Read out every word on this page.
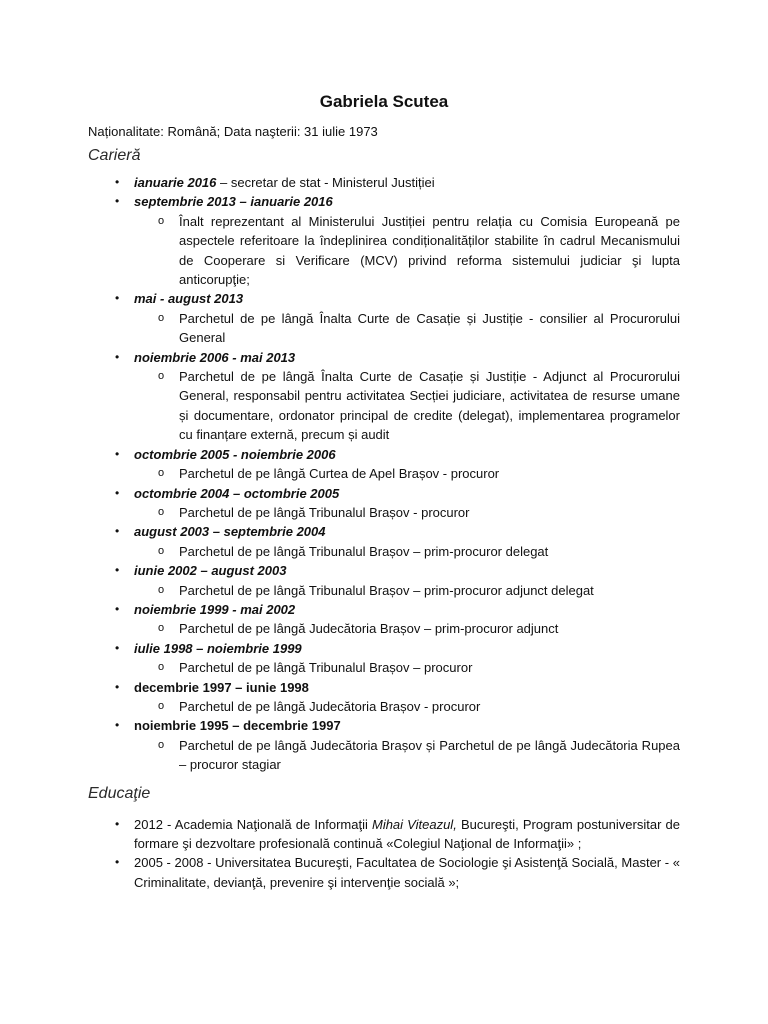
Gabriela Scutea
Naționalitate: Română; Data naşterii: 31 iulie 1973
Carieră
• ianuarie 2016 – secretar de stat - Ministerul Justiției
• septembrie 2013 – ianuarie 2016
o Înalt reprezentant al Ministerului Justiției pentru relația cu Comisia Europeană pe aspectele referitoare la îndeplinirea condiționalităților stabilite în cadrul Mecanismului de Cooperare si Verificare (MCV) privind reforma sistemului judiciar şi lupta anticorupţie;
• mai - august 2013
o Parchetul de pe lângă Înalta Curte de Casație și Justiție - consilier al Procurorului General
• noiembrie 2006 - mai 2013
o Parchetul de pe lângă Înalta Curte de Casație și Justiție - Adjunct al Procurorului General, responsabil pentru activitatea Secției judiciare, activitatea de resurse umane și documentare, ordonator principal de credite (delegat), implementarea programelor cu finanțare externă, precum și audit
• octombrie 2005 - noiembrie 2006
o Parchetul de pe lângă Curtea de Apel Brașov - procuror
• octombrie 2004 – octombrie 2005
o Parchetul de pe lângă Tribunalul Brașov - procuror
• august 2003 – septembrie 2004
o Parchetul de pe lângă Tribunalul Brașov – prim-procuror delegat
• iunie 2002 – august 2003
o Parchetul de pe lângă Tribunalul Brașov – prim-procuror adjunct delegat
• noiembrie 1999 - mai 2002
o Parchetul de pe lângă Judecătoria Brașov – prim-procuror adjunct
• iulie 1998 – noiembrie 1999
o Parchetul de pe lângă Tribunalul Brașov – procuror
• decembrie 1997 – iunie 1998
o Parchetul de pe lângă Judecătoria Brașov - procuror
• noiembrie 1995 – decembrie 1997
o Parchetul de pe lângă Judecătoria Brașov și Parchetul de pe lângă Judecătoria Rupea – procuror stagiar
Educaţie
• 2012 - Academia Naţională de Informaţii Mihai Viteazul, Bucureşti, Program postuniversitar de formare şi dezvoltare profesională continuă «Colegiul Naţional de Informaţii» ;
• 2005 - 2008 - Universitatea Bucureşti, Facultatea de Sociologie şi Asistenţă Socială, Master - « Criminalitate, devianţă, prevenire şi intervenţie socială »;
